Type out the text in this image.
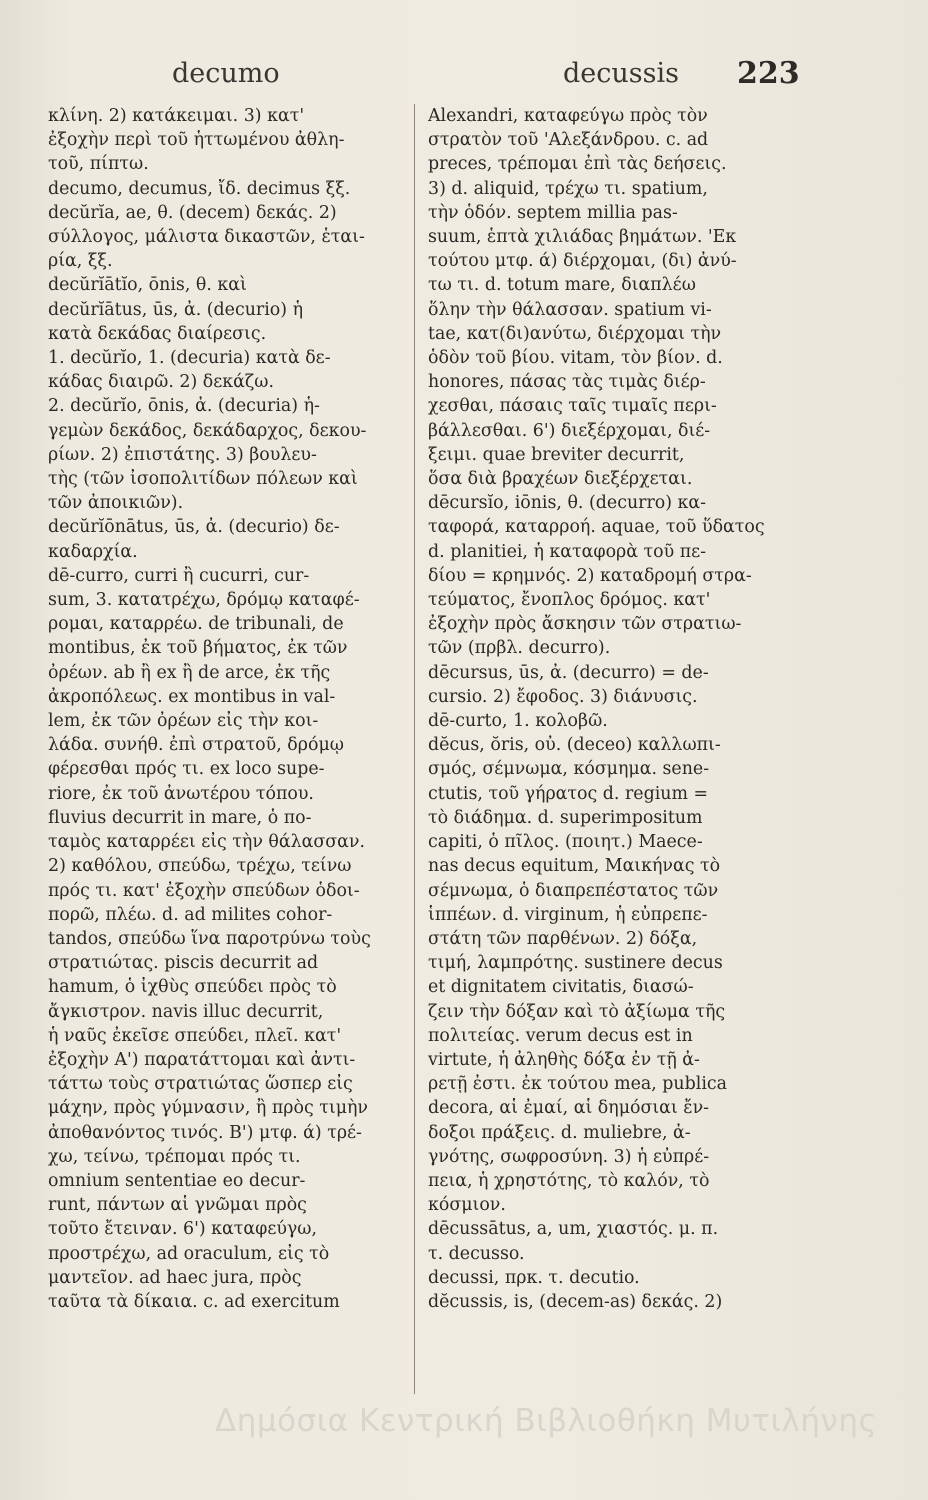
decumo	decussis 223
κλίνη. 2) κατάκειμαι. 3) κατ'
ἐξοχὴν περὶ τοῦ ἡττωμένου ἀθλη-
τοῦ, πίπτω.
decumo, decumus, ἴδ. decimus ξξ.
decŭrĭa, ae, θ. (decem) δεκάς. 2)
σύλλογος, μάλιστα δικαστῶν, ἑται-
ρία, ξξ.
decŭrĭātĭo, ōnis, θ. καὶ
decŭrĭātus, ūs, ἀ. (decurio) ἡ
κατὰ δεκάδας διαίρεσις.
1. decŭrĭo, 1. (decuria) κατὰ δε-
κάδας διαιρῶ. 2) δεκάζω.
2. decŭrĭo, ōnis, ἀ. (decuria) ἡ-
γεμὼν δεκάδος, δεκάδαρχος, δεκου-
ρίων. 2) ἐπιστάτης. 3) βουλευ-
τὴς (τῶν ἰσοπολιτίδων πόλεων καὶ
τῶν ἀποικιῶν).
decŭrĭōnātus, ūs, ἀ. (decurio) δε-
καδαρχία.
dē-curro, curri ἢ cucurri, cur-
sum, 3. κατατρέχω, δρόμῳ καταφέ-
ρομαι, καταρρέω. de tribunali, de
montibus, ἐκ τοῦ βήματος, ἐκ τῶν
ὀρέων. ab ἢ ex ἢ de arce, ἐκ τῆς
ἀκροπόλεως. ex montibus in val-
lem, ἐκ τῶν ὀρέων εἰς τὴν κοι-
λάδα. συνήθ. ἐπὶ στρατοῦ, δρόμῳ
φέρεσθαι πρός τι. ex loco supe-
riore, ἐκ τοῦ ἀνωτέρου τόπου.
fluvius decurrit in mare, ὁ πο-
ταμὸς καταρρέει εἰς τὴν θάλασσαν.
2) καθόλου, σπεύδω, τρέχω, τείνω
πρός τι. κατ' ἐξοχὴν σπεύδων ὁδοι-
πορῶ, πλέω. d. ad milites cohor-
tandos, σπεύδω ἵνα παροτρύνω τοὺς
στρατιώτας. piscis decurrit ad
hamum, ὁ ἰχθὺς σπεύδει πρὸς τὸ
ἄγκιστρον. navis illuc decurrit,
ἡ ναῦς ἐκεῖσε σπεύδει, πλεῖ. κατ'
ἐξοχὴν Α') παρατάττομαι καὶ ἀντι-
τάττω τοὺς στρατιώτας ὥσπερ εἰς
μάχην, πρὸς γύμνασιν, ἢ πρὸς τιμὴν
ἀποθανόντος τινός. Β') μτφ. ά) τρέ-
χω, τείνω, τρέπομαι πρός τι.
omnium sententiae eo decur-
runt, πάντων αἱ γνῶμαι πρὸς
τοῦτο ἔτειναν. 6') καταφεύγω,
προστρέχω, ad oraculum, εἰς τὸ
μαντεῖον. ad haec jura, πρὸς
ταῦτα τὰ δίκαια. c. ad exercitum
Alexandri, καταφεύγω πρὸς τὸν
στρατὸν τοῦ 'Αλεξάνδρου. c. ad
preces, τρέπομαι ἐπὶ τὰς δεήσεις.
3) d. aliquid, τρέχω τι. spatium,
τὴν ὁδόν. septem millia pas-
suum, ἑπτὰ χιλιάδας βημάτων. 'Εκ
τούτου μτφ. ά) διέρχομαι, (δι) ἀνύ-
τω τι. d. totum mare, διαπλέω
ὅλην τὴν θάλασσαν. spatium vi-
tae, κατ(δι)ανύτω, διέρχομαι τὴν
ὁδὸν τοῦ βίου. vitam, τὸν βίον. d.
honores, πάσας τὰς τιμὰς διέρ-
χεσθαι, πάσαις ταῖς τιμαῖς περι-
βάλλεσθαι. 6') διεξέρχομαι, διέ-
ξειμι. quae breviter decurrit,
ὅσα διὰ βραχέων διεξέρχεται.
dēcursĭo, iōnis, θ. (decurro) κα-
ταφορά, καταρροή. aquae, τοῦ ὕδατος
d. planitiei, ἡ καταφορὰ τοῦ πε-
δίου = κρημνός. 2) καταδρομή στρα-
τεύματος, ἔνοπλος δρόμος. κατ'
ἐξοχὴν πρὸς ἄσκησιν τῶν στρατιω-
τῶν (πρβλ. decurro).
dēcursus, ūs, ἀ. (decurro) = de-
cursio. 2) ἔφοδος. 3) διάνυσις.
dē-curto, 1. κολοβῶ.
dĕcus, ŏris, οὐ. (deceo) καλλωπι-
σμός, σέμνωμα, κόσμημα. sene-
ctutis, τοῦ γήρατος d. regium =
τὸ διάδημα. d. superimpositum
capiti, ὁ πῖλος. (ποιητ.) Maece-
nas decus equitum, Μαικήνας τὸ
σέμνωμα, ὁ διαπρεπέστατος τῶν
ἱππέων. d. virginum, ἡ εὐπρεπε-
στάτη τῶν παρθένων. 2) δόξα,
τιμή, λαμπρότης. sustinere decus
et dignitatem civitatis, διασώ-
ζειν τὴν δόξαν καὶ τὸ ἀξίωμα τῆς
πολιτείας. verum decus est in
virtute, ἡ ἀληθὴς δόξα ἐν τῇ ἀ-
ρετῇ ἐστι. ἐκ τούτου mea, publica
decora, αἱ ἐμαί, αἱ δημόσιαι ἔν-
δοξοι πράξεις. d. muliebre, ἀ-
γνότης, σωφροσύνη. 3) ἡ εὐπρέ-
πεια, ἡ χρηστότης, τὸ καλόν, τὸ
κόσμιον.
dēcussātus, a, um, χιαστός. μ. π.
τ. decusso.
decussi, πρκ. τ. decutio.
dĕcussis, is, (decem-as) δεκάς. 2)
Δημόσια Κεντρική Βιβλιοθήκη Μυτιλήνης
